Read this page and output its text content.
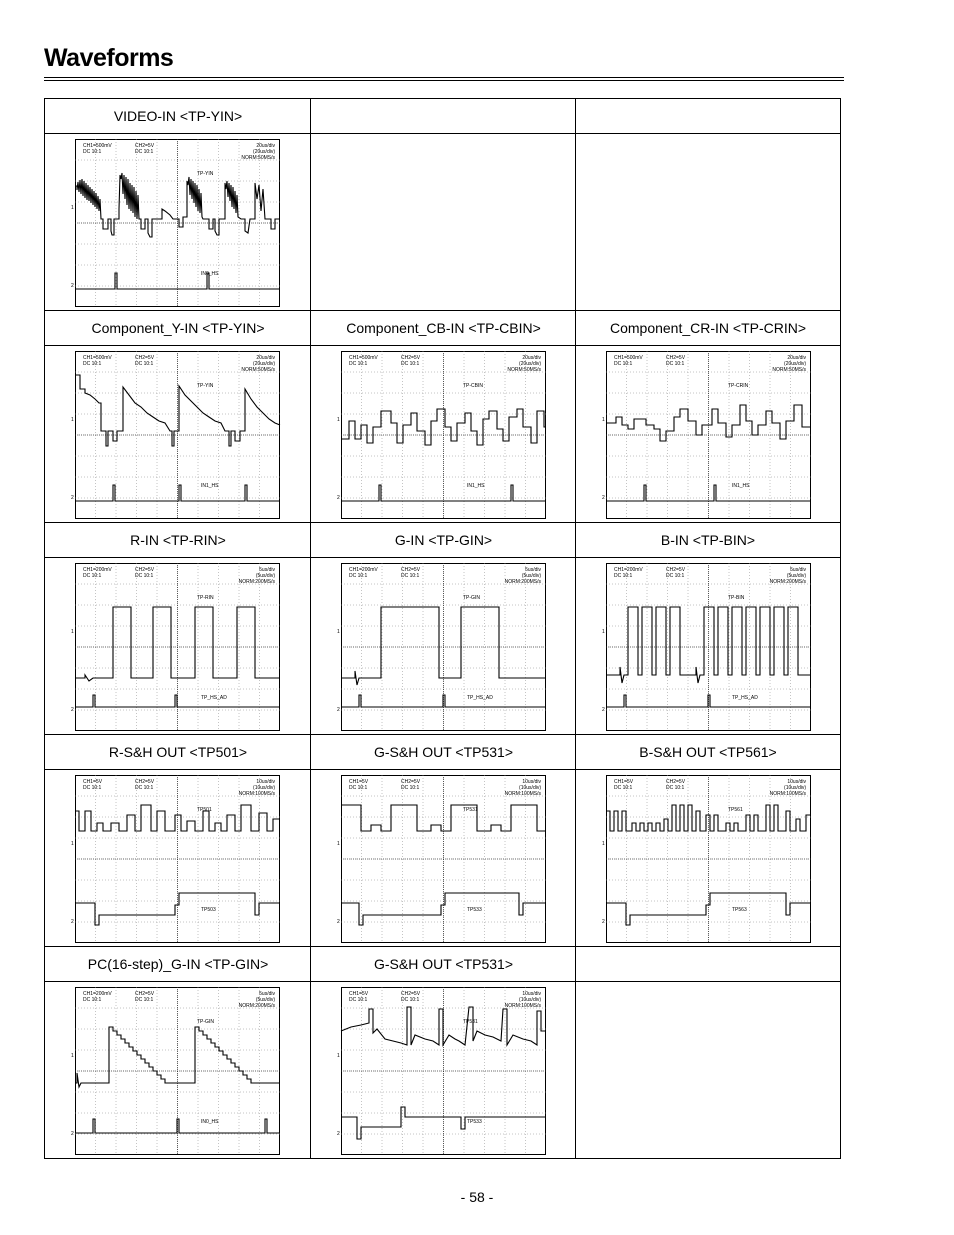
Waveforms
VIDEO-IN <TP-YIN>
CH1=500mV
DC 10:1
CH2=5V
DC 10:1
20us/div
(20us/div)
NORM:50MS/s
TP-YIN
IN0_HS
1
2
Component_Y-IN <TP-YIN>	Component_CB-IN <TP-CBIN>	Component_CR-IN <TP-CRIN>
CH1=500mV
DC 10:1
CH2=5V
DC 10:1
20us/div
(20us/div)
NORM:50MS/s
TP-YIN
IN1_HS
1
2
CH1=500mV
DC 10:1
CH2=5V
DC 10:1
20us/div
(20us/div)
NORM:50MS/s
TP-CBIN
IN1_HS
1
2
CH1=500mV
DC 10:1
CH2=5V
DC 10:1
20us/div
(20us/div)
NORM:50MS/s
TP-CRIN
IN1_HS
1
2
R-IN <TP-RIN>	G-IN <TP-GIN>	B-IN <TP-BIN>
CH1=200mV
DC 10:1
CH2=5V
DC 10:1
5us/div
(5us/div)
NORM:200MS/s
TP-RIN
TP_HS_AD
1
2
CH1=200mV
DC 10:1
CH2=5V
DC 10:1
5us/div
(5us/div)
NORM:200MS/s
TP-GIN
TP_HS_AD
1
2
CH1=200mV
DC 10:1
CH2=5V
DC 10:1
5us/div
(5us/div)
NORM:200MS/s
TP-BIN
TP_HS_AD
1
2
R-S&H OUT <TP501>	G-S&H OUT <TP531>	B-S&H OUT <TP561>
CH1=5V
DC 10:1
CH2=5V
DC 10:1
10us/div
(10us/div)
NORM:100MS/s
TP501
TP503
1
2
CH1=5V
DC 10:1
CH2=5V
DC 10:1
10us/div
(10us/div)
NORM:100MS/s
TP531
TP533
1
2
CH1=5V
DC 10:1
CH2=5V
DC 10:1
10us/div
(10us/div)
NORM:100MS/s
TP561
TP563
1
2
PC(16-step)_G-IN <TP-GIN>	G-S&H OUT <TP531>
CH1=200mV
DC 10:1
CH2=5V
DC 10:1
5us/div
(5us/div)
NORM:200MS/s
TP-GIN
IN0_HS
1
2
CH1=5V
DC 10:1
CH2=5V
DC 10:1
10us/div
(10us/div)
NORM:100MS/s
TP531
TP533
1
2
- 58 -
